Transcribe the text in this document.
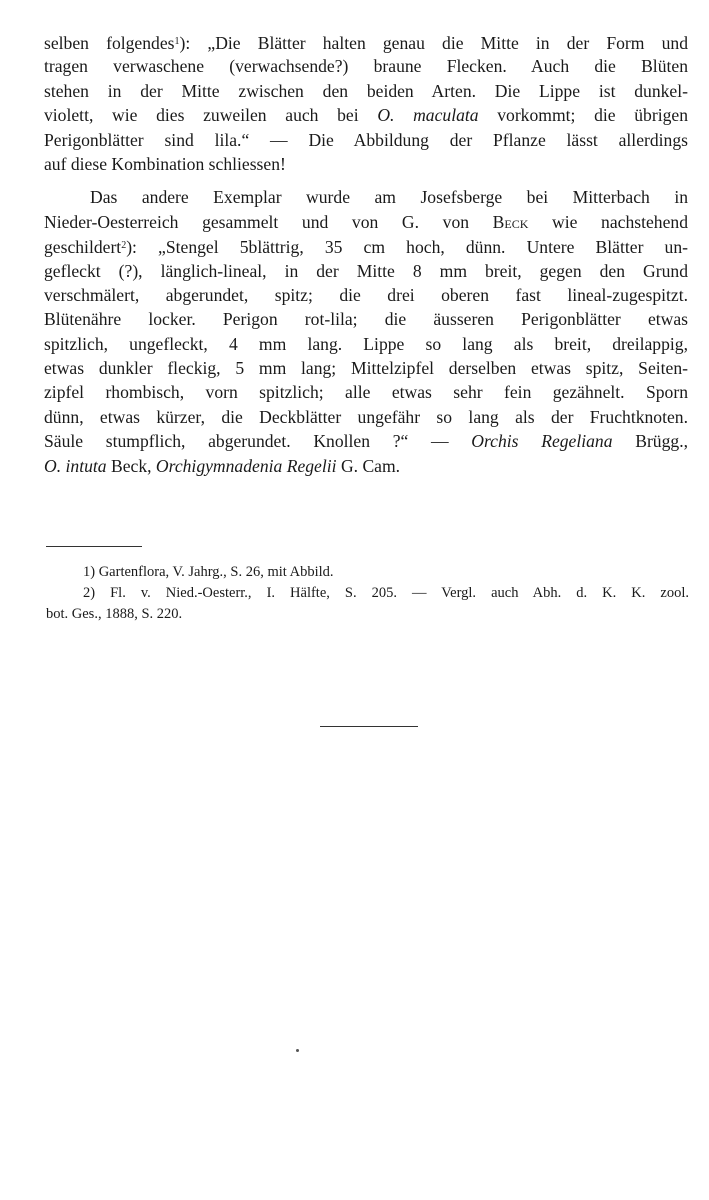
selben folgendes$^1$): „Die Blätter halten genau die Mitte in der Form und
tragen verwaschene (verwachsende?) braune Flecken. Auch die Blüten
stehen in der Mitte zwischen den beiden Arten. Die Lippe ist dunkel-
violett, wie dies zuweilen auch bei O. maculata vorkommt; die übrigen
Perigonblätter sind lila.“ — Die Abbildung der Pflanze lässt allerdings
auf diese Kombination schliessen!
Das andere Exemplar wurde am Josefsberge bei Mitterbach in
Nieder-Oesterreich gesammelt und von G. von Beck wie nachstehend
geschildert$^2$): „Stengel 5blättrig, 35 cm hoch, dünn. Untere Blätter un-
gefleckt (?), länglich-lineal, in der Mitte 8 mm breit, gegen den Grund
verschmälert, abgerundet, spitz; die drei oberen fast lineal-zugespitzt.
Blütenähre locker. Perigon rot-lila; die äusseren Perigonblätter etwas
spitzlich, ungefleckt, 4 mm lang. Lippe so lang als breit, dreilappig,
etwas dunkler fleckig, 5 mm lang; Mittelzipfel derselben etwas spitz, Seiten-
zipfel rhombisch, vorn spitzlich; alle etwas sehr fein gezähnelt. Sporn
dünn, etwas kürzer, die Deckblätter ungefähr so lang als der Fruchtknoten.
Säule stumpflich, abgerundet. Knollen ?“ — Orchis Regeliana Brügg.,
O. intuta Beck, Orchigymnadenia Regelii G. Cam.
1) Gartenflora, V. Jahrg., S. 26, mit Abbild.
2) Fl. v. Nied.-Oesterr., I. Hälfte, S. 205. — Vergl. auch Abh. d. K. K. zool.
bot. Ges., 1888, S. 220.
